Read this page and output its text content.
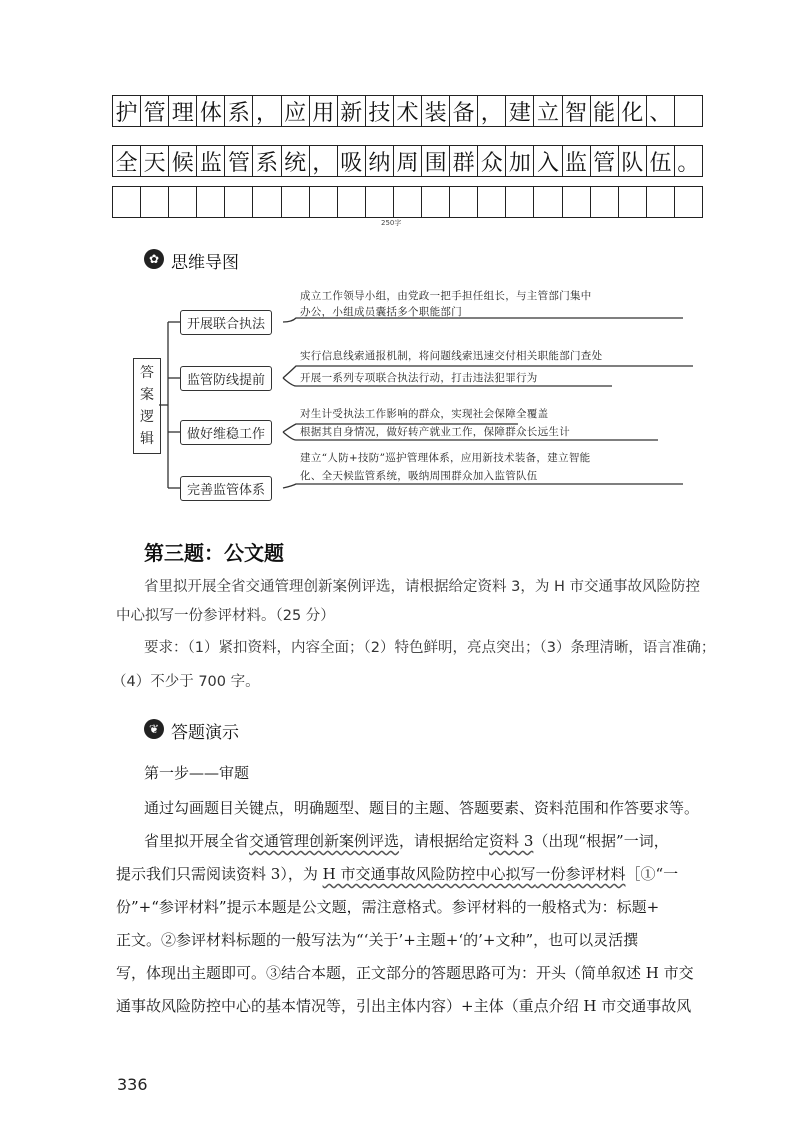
护 管 理 体 系 ， 应 用 新 技 术 装 备 ， 建 立 智 能 化 、
全 天 候 监 管 系 统 ， 吸 纳 周 围 群 众 加 入 监 管 队 伍 。
250字
✿ 思维导图
答
案
逻
辑
开展联合执法
监管防线提前
做好维稳工作
完善监管体系
成立工作领导小组，由党政一把手担任组长，与主管部门集中
办公，小组成员囊括多个职能部门
实行信息线索通报机制，将问题线索迅速交付相关职能部门查处
开展一系列专项联合执法行动，打击违法犯罪行为
对生计受执法工作影响的群众，实现社会保障全覆盖
根据其自身情况，做好转产就业工作，保障群众长远生计
建立“人防+技防”巡护管理体系，应用新技术装备，建立智能
化、全天候监管系统，吸纳周围群众加入监管队伍
第三题：公文题
省里拟开展全省交通管理创新案例评选，请根据给定资料 3，为 H 市交通事故风险防控
中心拟写一份参评材料。（25 分）
要求：（1）紧扣资料，内容全面；（2）特色鲜明，亮点突出；（3）条理清晰，语言准确；
（4）不少于 700 字。
❦ 答题演示
第一步——审题
通过勾画题目关键点，明确题型、题目的主题、答题要素、资料范围和作答要求等。
省里拟开展全省交通管理创新案例评选，请根据给定资料 3（出现“根据”一词，
提示我们只需阅读资料 3），为 H 市交通事故风险防控中心拟写一份参评材料［①“一
份”+“参评材料”提示本题是公文题，需注意格式。参评材料的一般格式为：标题+
正文。②参评材料标题的一般写法为“‘关于’+主题+‘的’+文种”，也可以灵活撰
写，体现出主题即可。③结合本题，正文部分的答题思路可为：开头（简单叙述 H 市交
通事故风险防控中心的基本情况等，引出主体内容）+主体（重点介绍 H 市交通事故风
336
